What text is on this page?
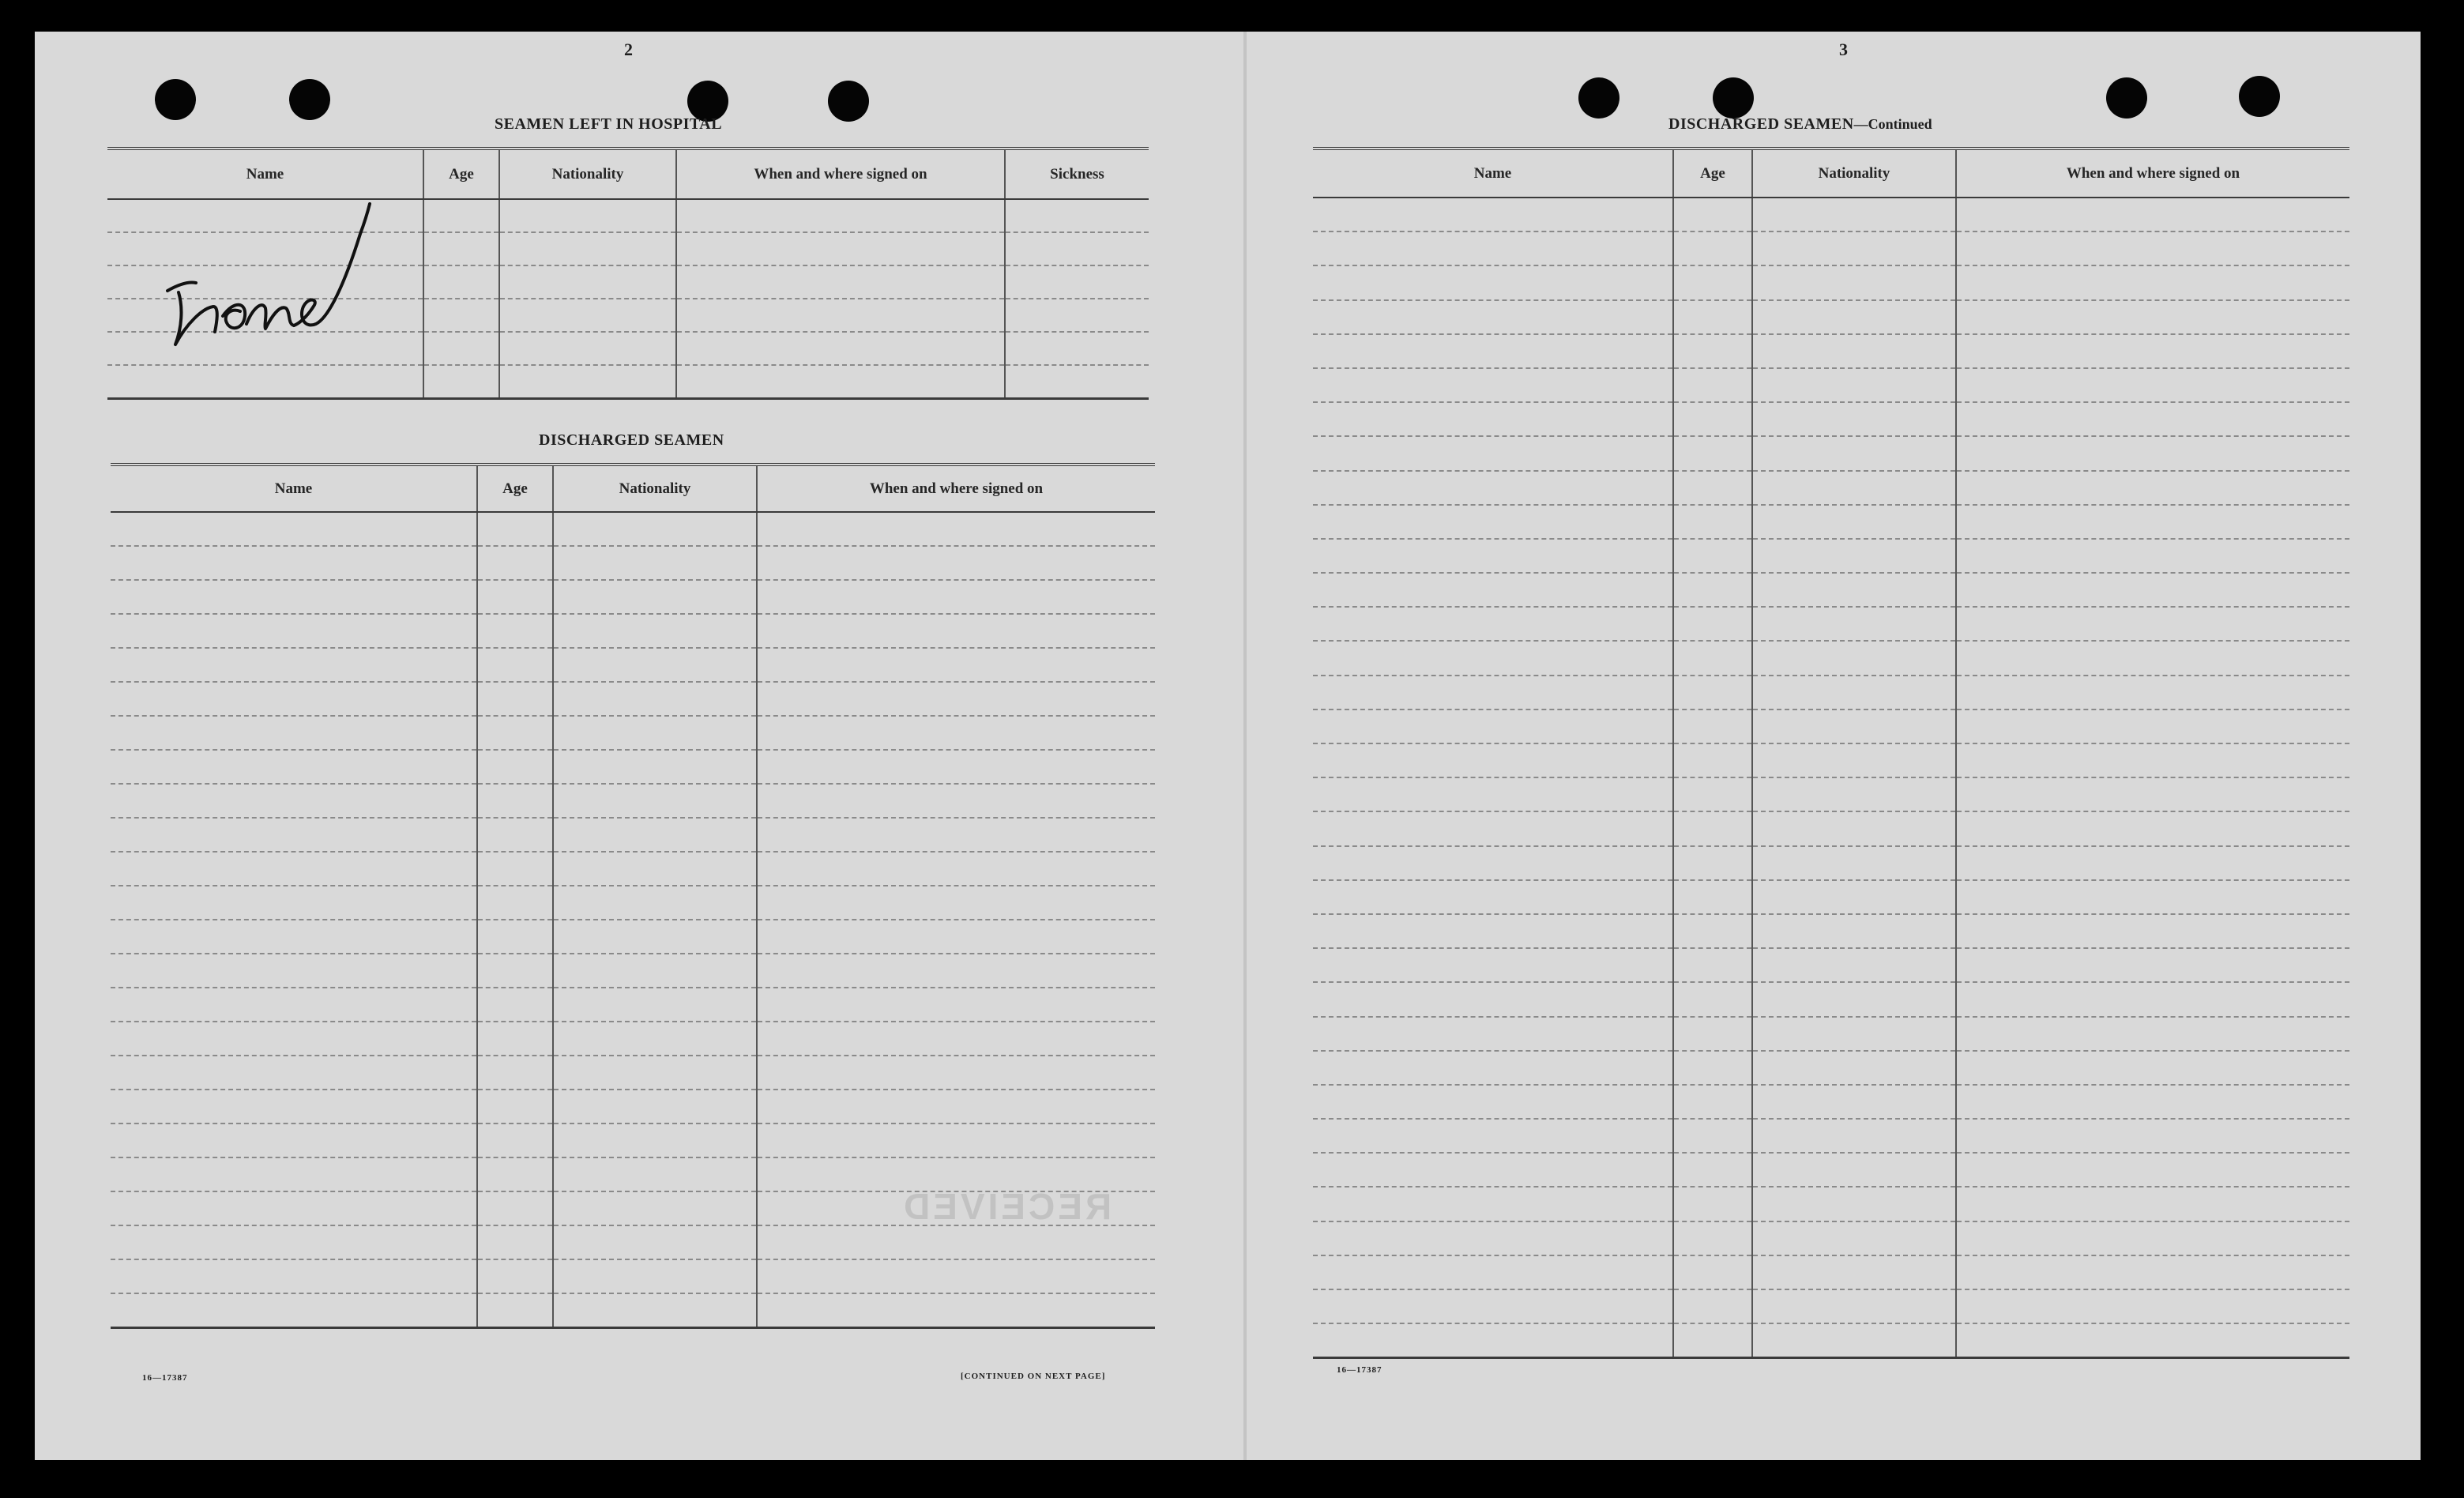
RECEIVED
2
SEAMEN LEFT IN HOSPITAL
Name	Age	Nationality	When and where signed on	Sickness

DISCHARGED SEAMEN
Name	Age	Nationality	When and where signed on

16—17387	[CONTINUED ON NEXT PAGE]
3
DISCHARGED SEAMEN—Continued
Name	Age	Nationality	When and where signed on

16—17387
